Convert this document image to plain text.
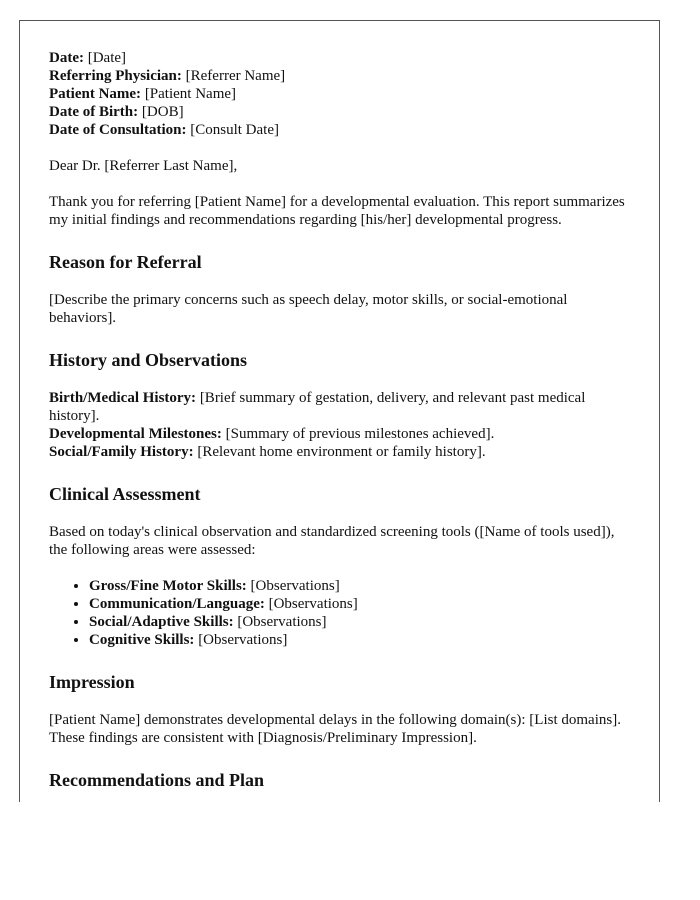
Date: [Date]
Referring Physician: [Referrer Name]
Patient Name: [Patient Name]
Date of Birth: [DOB]
Date of Consultation: [Consult Date]

Dear Dr. [Referrer Last Name],

Thank you for referring [Patient Name] for a developmental evaluation. This report summarizes my initial findings and recommendations regarding [his/her] developmental progress.

Reason for Referral

[Describe the primary concerns such as speech delay, motor skills, or social-emotional behaviors].

History and Observations
Birth/Medical History: [Brief summary of gestation, delivery, and relevant past medical history].
Developmental Milestones: [Summary of previous milestones achieved].
Social/Family History: [Relevant home environment or family history].
Clinical Assessment

Based on today's clinical observation and standardized screening tools ([Name of tools used]), the following areas were assessed:

• Gross/Fine Motor Skills: [Observations]
• Communication/Language: [Observations]
• Social/Adaptive Skills: [Observations]
• Cognitive Skills: [Observations]
Impression

[Patient Name] demonstrates developmental delays in the following domain(s): [List domains]. These findings are consistent with [Diagnosis/Preliminary Impression].

Recommendations and Plan
